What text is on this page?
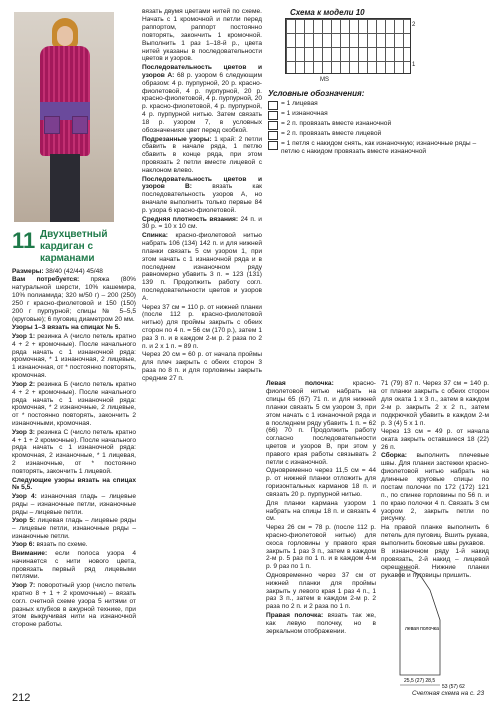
11 Двухцветный кардиган с карманами

Размеры: 38/40 (42/44) 45/48

Вам потребуется: пряжа (80% натуральной шерсти, 10% кашемира, 10% полиамида; 320 м/50 г) – 200 (250) 250 г красно-фиолетовой и 150 (150) 200 г пурпурной; спицы № 5–5,5 (круговые); 6 пуговиц диаметром 20 мм.

Узоры 1–3 вязать на спицах № 5.

Узор 1: резинка А (число петель кратно 4 + 2 + кромочные). После начального ряда начать с 1 изнаночной ряда: кромочная, * 1 изнаночная, 2 лицевые, 1 изнаночная, от * постоянно повторять, кромочная.

Узор 2: резинка Б (число петель кратно 4 + 2 + кромочные). После начального ряда начать с 1 изнаночной ряда: кромочная, * 2 изнаночные, 2 лицевые, от * постоянно повторять, закончить 2 изнаночными, кромочная.

Узор 3: резинка С (число петель кратно 4 + 1 + 2 кромочные). После начального ряда начать с 1 изнаночной ряда: кромочная, 2 изнаночные, * 1 лицевая, 2 изнаночные, от * постоянно повторять, закончить 1 лицевой.

Следующие узоры вязать на спицах № 5,5.

Узор 4: изнаночная гладь – лицевые ряды – изнаночные петли, изнаночные ряды – лицевые петли.

Узор 5: лицевая гладь – лицевые ряды – лицевые петли, изнаночные ряды – изнаночные петли.

Узор 6: вязать по схеме.

Внимание: если полоса узора 4 начинается с нити нового цвета, провязать первый ряд лицевыми петлями.

Узор 7: поворотный узор (число петель кратно 8 + 1 + 2 кромочные) – вязать согл. счетной схеме узора 5 нитями от разных клубков в ажурной технике, при этом выкручивая нити на изнаночной стороне работы.

вязать двумя цветами нитей по схеме. Начать с 1 кромочной и петли перед раппортом, раппорт постоянно повторять, закончить 1 кромочной. Выполнить 1 раз 1–18-й р., цвета нитей указаны в последовательности цветов и узоров.

Последовательность цветов и узоров А: 68 р. узором 6 следующим образом: 4 р. пурпурной, 20 р. красно-фиолетовой, 4 р. пурпурной, 20 р. красно-фиолетовой, 4 р. пурпурной, 20 р. красно-фиолетовой, 4 р. пурпурной, 4 р. пурпурной нитью. Затем связать 18 р. узором 7, в условных обозначениях цвет перед скобкой.

Подрезанные узоры: 1 край: 2 петли сбавить в начале ряда, 1 петлю сбавить в конце ряда, при этом провязать 2 петли вместе лицевой с наклоном влево.

Последовательность цветов и узоров В: вязать как последовательность узоров А, но вначале выполнить только первые 84 р. узора 6 красно-фиолетовой.

Средняя плотность вязания: 24 п. и 30 р. = 10 х 10 см.

Спинка: красно-фиолетовой нитью набрать 106 (134) 142 п. и для нижней планки связать 5 см узором 1, при этом начать с 1 изнаночной ряда и в последнем изнаночном ряду равномерно убавить 3 п. = 123 (131) 139 п. Продолжить работу согл. последовательности цветов и узоров А.

Через 37 см = 110 р. от нижней планки (после 112 р. красно-фиолетовой нитью) для проймы закрыть с обеих сторон по 4 п. = 56 см (170 р.), затем 1 раз 3 п. и в каждом 2-м р. 2 раза по 2 п. и 2 х 1 п. = 89 п.

Через 20 см = 60 р. от начала проймы для плеч закрыть с обеих сторон 3 раза по 8 п. и для горловины закрыть средние 27 п.

Схема к модели 10
2
1
MS
Условные обозначения:
= 1 лицевая
= 1 изнаночная
= 2 п. провязать вместе изнаночной
= 2 п. провязать вместе лицевой
= 1 петля с накидом снять, как изнаночную; изнаночные ряды – петлю с накидом провязать вместе изнаночной

Левая полочка: красно-фиолетовой нитью набрать на спицы 65 (67) 71 п. и для нижней планки связать 5 см узором 3, при этом начать с 1 изнаночной ряда и в последнем ряду убавить 1 п. = 62 (66) 70 п. Продолжить работу согласно последовательности цветов и узоров В, при этом у правого края работы связывать 2 петли с изнаночной.

Одновременно через 11,5 см = 44 р. от нижней планки отложить для горизонтальных карманов 18 п. и связать 20 р. пурпурной нитью.

Для планки кармана узором 1 набрать на спицы 18 п. и связать 4 см.

Через 26 см = 78 р. (после 112 р. красно-фиолетовой нитью) для скоса горловины у правого края закрыть 1 раз 3 п., затем в каждом 2-м р. 5 раз по 1 п. и в каждом 4-м р. 9 раз по 1 п.

Одновременно через 37 см от нижней планки для проймы закрыть у левого края 1 раз 4 п., 1 раз 3 п., затем в каждом 2-м р. 2 раза по 2 п. и 2 раза по 1 п.

Правая полочка: вязать так же, как левую полочку, но в зеркальном отображении.

71 (79) 87 п. Через 37 см = 140 р. от планки закрыть с обеих сторон для оката 1 х 3 п., затем в каждом 2-м р. закрыть 2 х 2 п., затем подкрючкой убавить в каждом 2-м р. 3 (4) 5 х 1 п.

Через 13 см = 49 р. от начала оката закрыть оставшиеся 18 (22) 26 п.

Сборка: выполнить плечевые швы. Для планки застежки красно-фиолетовой нитью набрать на длинные круговые спицы по постам полочки по 172 (172) 121 п., по спинке горловины по 56 п. и по краю полочки 4 п. Связать 3 см узором 2, закрыть петли по рисунку.

На правой планке выполнить 6 петель для пуговиц. Вшить рукава, выполнить боковые швы рукавов.

В изнаночном ряду 1-й накид провязать, 2-й накид – лицевой скрещенной. Нижние планки рукавов и пуговицы пришить.

левая полочка
25,5 (27) 28,5
53 (57) 62
Счетная схема на с. 23
212
